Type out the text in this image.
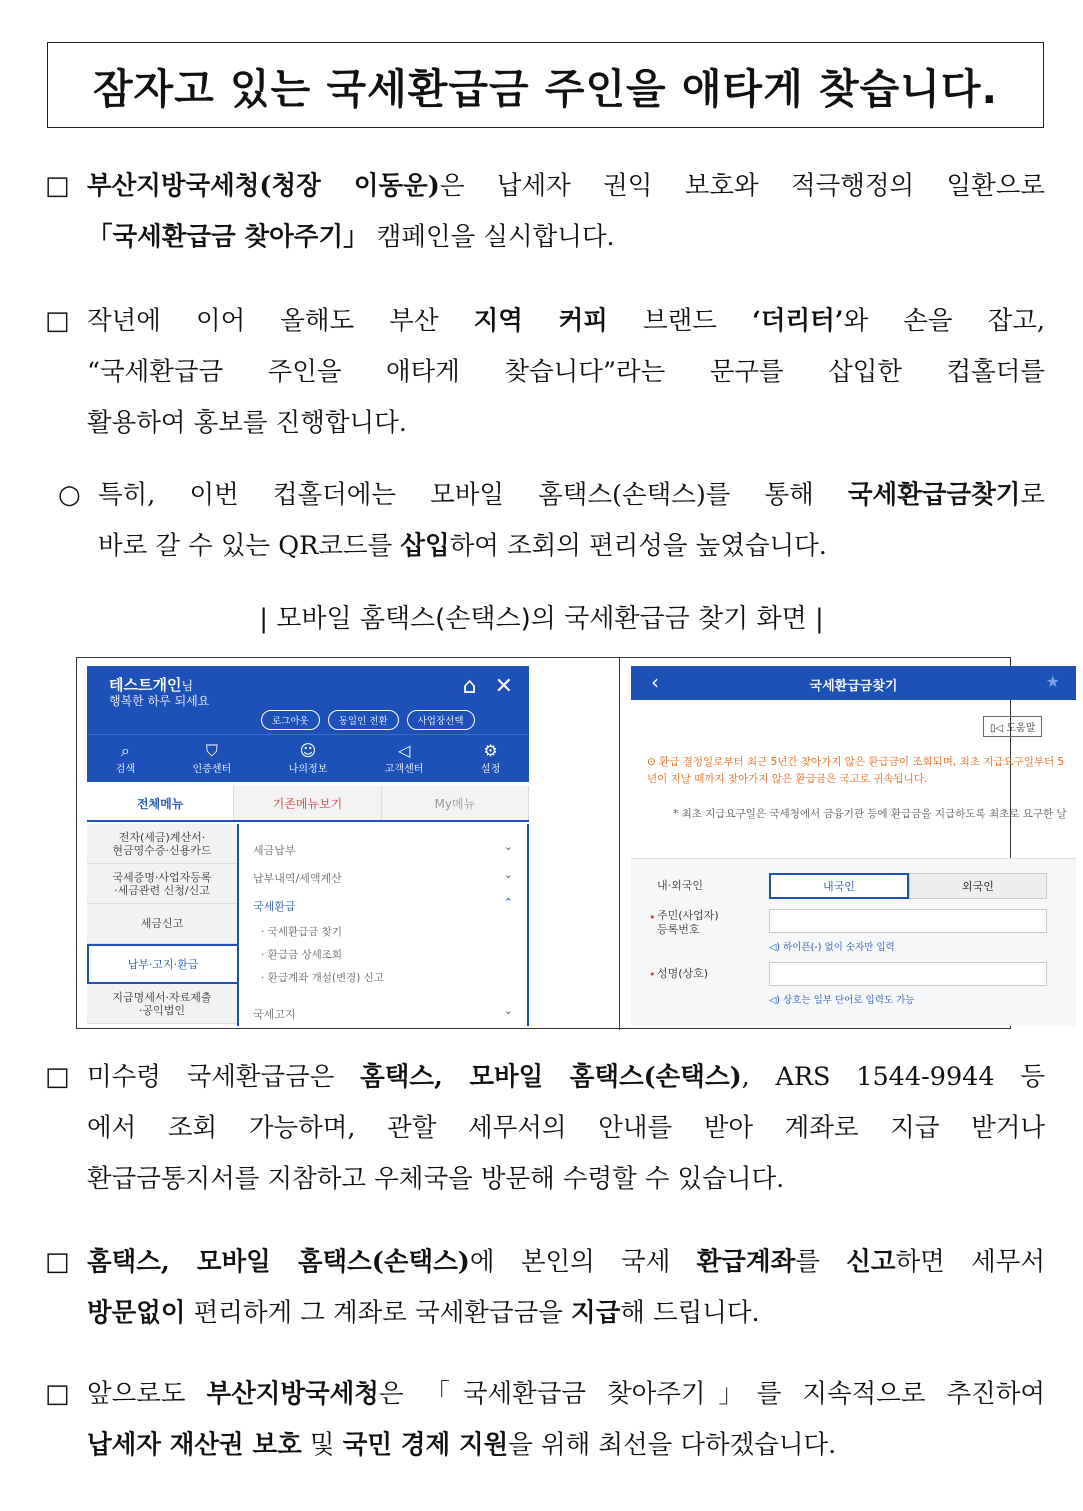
잠자고 있는 국세환급금 주인을 애타게 찾습니다.
□ 부산지방국세청(청장 이동운)은 납세자 권익 보호와 적극행정의 일환으로
「국세환급금 찾아주기」 캠페인을 실시합니다.
□ 작년에 이어 올해도 부산 지역 커피 브랜드 ‘더리터’와 손을 잡고,
“국세환급금 주인을 애타게 찾습니다”라는 문구를 삽입한 컵홀더를
활용하여 홍보를 진행합니다.
○ 특히, 이번 컵홀더에는 모바일 홈택스(손택스)를 통해 국세환급금찾기로
바로 갈 수 있는 QR코드를 삽입하여 조회의 편리성을 높였습니다.
| 모바일 홈택스(손택스)의 국세환급금 찾기 화면 |
테스트개인님
행복한 하루 되세요
⌂ ✕
로그아웃	동일인 전환	사업장선택
⌕
검색
⛉
인증센터
☺
나의정보
◁
고객센터
⚙
설정
전체메뉴	기존메뉴보기	My메뉴
전자(세금)계산서·
현금영수증·신용카드
국세증명·사업자등록
·세금관련 신청/신고
세금신고
납부·고지·환급
지급명세서·자료제출
·공익법인
세금납부	⌄
납부내역/세액계산	⌄
국세환급	⌃
· 국세환급금 찾기
· 환급금 상세조회
· 환급계좌 개설(변경) 신고
국세고지	⌄
‹	국세환급금찾기	★
▯◁ 도움말
⊙ 환급 결정일로부터 최근 5년간 찾아가지 않은 환급금이 조회되며, 최초 지급요구일부터 5년이 지날 때까지 찾아가지 않은 환급금은 국고로 귀속됩니다.
* 최초 지급요구일은 국세청에서 금융기관 등에 환급금을 지급하도록 최초로 요구한 날
내·외국인	내국인	외국인
• 주민(사업자)
등록번호
◁) 하이픈(-) 없이 숫자만 입력
• 성명(상호)
◁) 상호는 일부 단어로 입력도 가능
□ 미수령 국세환급금은 홈택스, 모바일 홈택스(손택스), ARS 1544-9944 등
에서 조회 가능하며, 관할 세무서의 안내를 받아 계좌로 지급 받거나
환급금통지서를 지참하고 우체국을 방문해 수령할 수 있습니다.
□ 홈택스, 모바일 홈택스(손택스)에 본인의 국세 환급계좌를 신고하면 세무서
방문없이 편리하게 그 계좌로 국세환급금을 지급해 드립니다.
□ 앞으로도 부산지방국세청은 「국세환급금 찾아주기」를 지속적으로 추진하여
납세자 재산권 보호 및 국민 경제 지원을 위해 최선을 다하겠습니다.
